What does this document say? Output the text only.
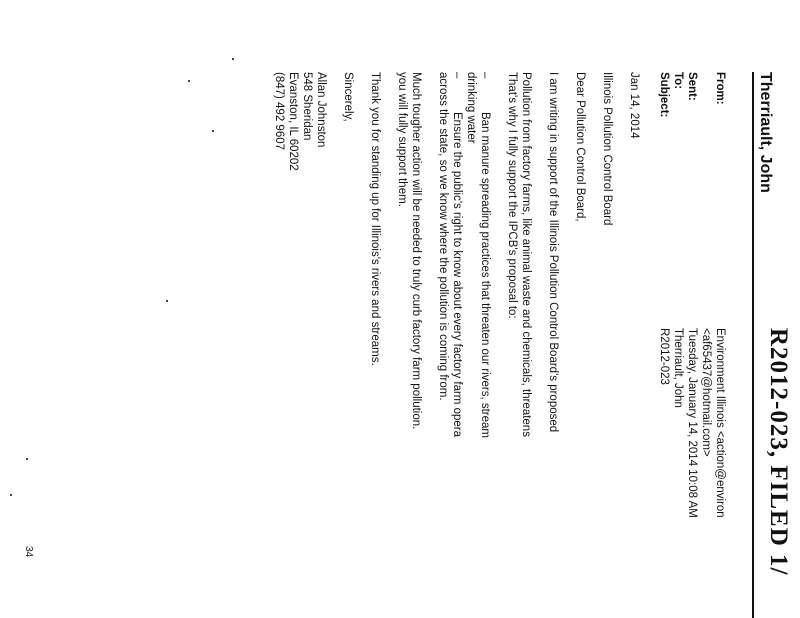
R2012-023, FILED 1/
Therriault, John
From:
Environment Illinois <action@environ
<af65437@hotmail.com>
Sent:
Tuesday, January 14, 2014 10:08 AM
To:
Therriault, John
Subject:
R2012-023
Jan 14, 2014
Illinois Pollution Control Board
Dear Pollution Control Board,
I am writing in support of the Illinois Pollution Control Board's proposed
Pollution from factory farms, like animal waste and chemicals, threatens
That's why I fully support the IPCB's proposal to:
–
Ban manure spreading practices that threaten our rivers, stream
drinking water
–
Ensure the public's right to know about every factory farm opera
across the state, so we know where the pollution is coming from.
Much tougher action will be needed to truly curb factory farm pollution.
you will fully support them.
Thank you for standing up for Illinois's rivers and streams.
Sincerely,
Allan Johnston
548 Sheridan
Evanston, IL 60202
(847) 492 9607
34
